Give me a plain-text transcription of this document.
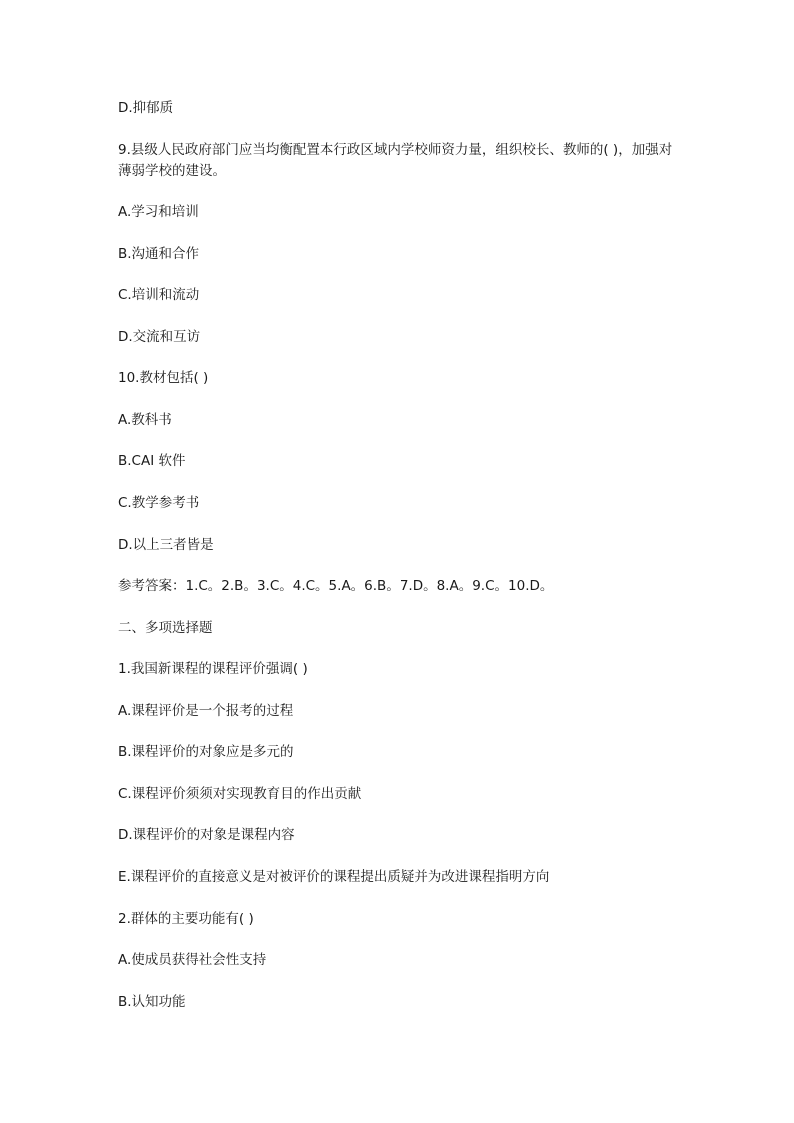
D.抑郁质
9.县级人民政府部门应当均衡配置本行政区域内学校师资力量，组织校长、教师的( )，加强对薄弱学校的建设。
A.学习和培训
B.沟通和合作
C.培训和流动
D.交流和互访
10.教材包括( )
A.教科书
B.CAI 软件
C.教学参考书
D.以上三者皆是
参考答案：1.C。2.B。3.C。4.C。5.A。6.B。7.D。8.A。9.C。10.D。
二、多项选择题
1.我国新课程的课程评价强调( )
A.课程评价是一个报考的过程
B.课程评价的对象应是多元的
C.课程评价须须对实现教育目的作出贡献
D.课程评价的对象是课程内容
E.课程评价的直接意义是对被评价的课程提出质疑并为改进课程指明方向
2.群体的主要功能有( )
A.使成员获得社会性支持
B.认知功能
